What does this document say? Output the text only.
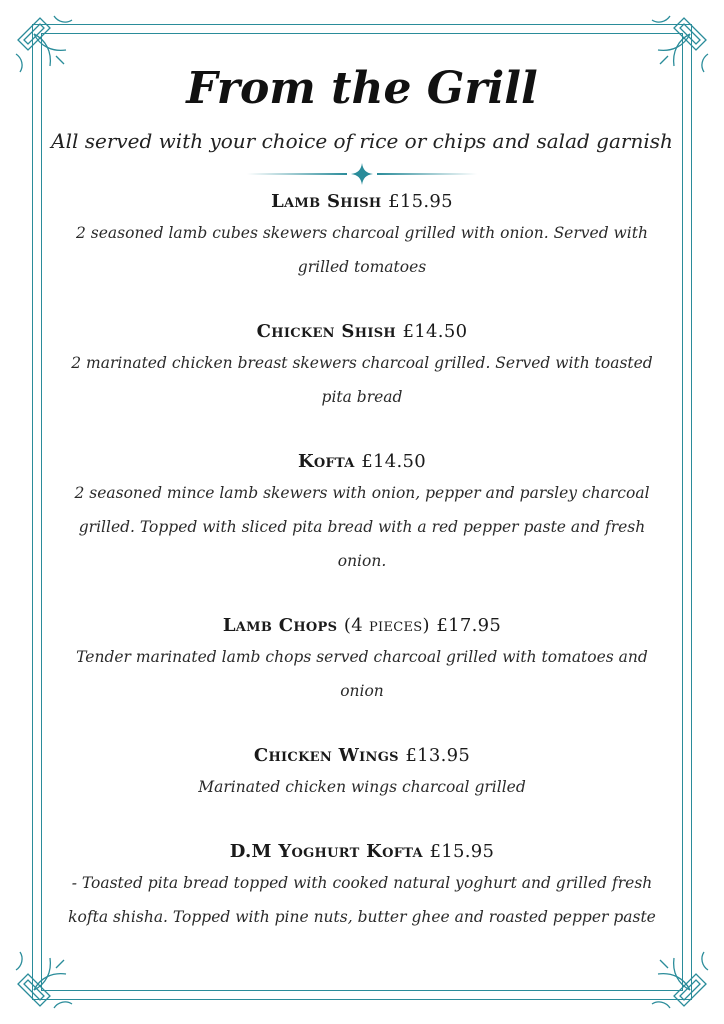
From the Grill

All served with your choice of rice or chips and salad garnish

Lamb Shish £15.95

2 seasoned lamb cubes skewers charcoal grilled with onion. Served with grilled tomatoes

Chicken Shish £14.50

2 marinated chicken breast skewers charcoal grilled. Served with toasted pita bread

Kofta £14.50

2 seasoned mince lamb skewers with onion, pepper and parsley charcoal grilled. Topped with sliced pita bread with a red pepper paste and fresh onion.

Lamb Chops (4 pieces) £17.95

Tender marinated lamb chops served charcoal grilled with tomatoes and onion

Chicken Wings £13.95

Marinated chicken wings charcoal grilled

D.M Yoghurt Kofta £15.95

- Toasted pita bread topped with cooked natural yoghurt and grilled fresh kofta shisha. Topped with pine nuts, butter ghee and roasted pepper paste
